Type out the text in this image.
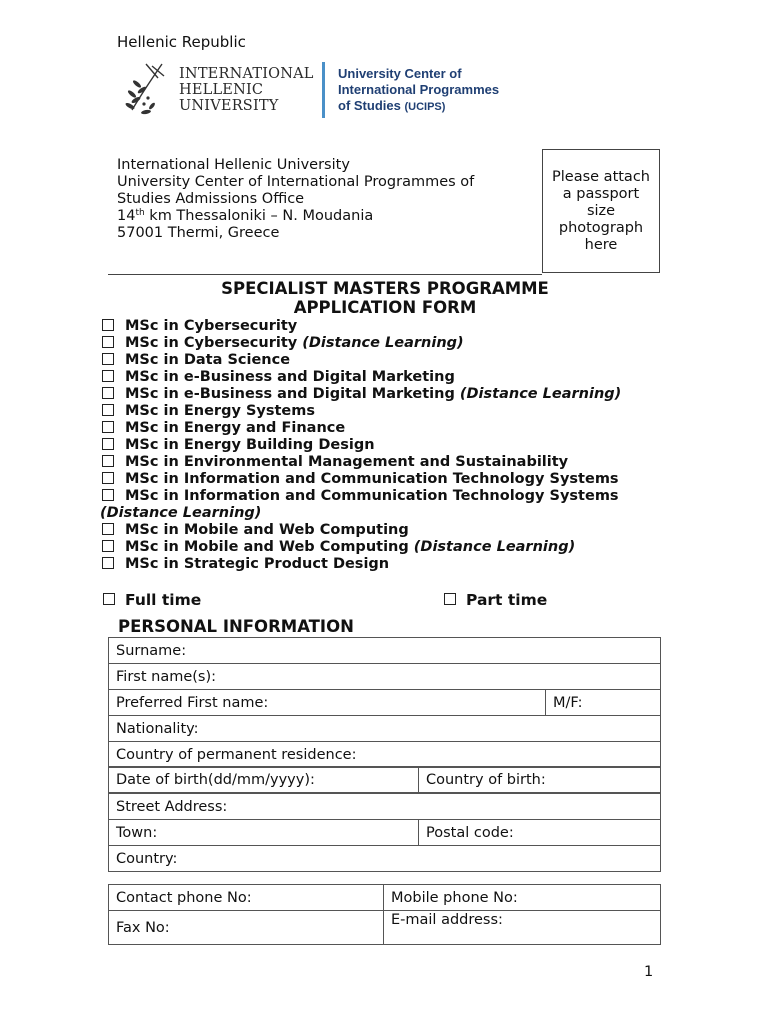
Hellenic Republic
INTERNATIONAL
HELLENIC
UNIVERSITY
University Center of
International Programmes
of Studies (UCIPS)
International Hellenic University
University Center of International Programmes of
Studies Admissions Office
14th km Thessaloniki – N. Moudania
57001 Thermi, Greece
Please attach a passport size photograph here
SPECIALIST MASTERS PROGRAMME
APPLICATION FORM
MSc in Cybersecurity
MSc in Cybersecurity (Distance Learning)
MSc in Data Science
MSc in e-Business and Digital Marketing
MSc in e-Business and Digital Marketing (Distance Learning)
MSc in Energy Systems
MSc in Energy and Finance
MSc in Energy Building Design
MSc in Environmental Management and Sustainability
MSc in Information and Communication Technology Systems
MSc in Information and Communication Technology Systems (Distance Learning)
MSc in Mobile and Web Computing
MSc in Mobile and Web Computing (Distance Learning)
MSc in Strategic Product Design
Full time	Part time
PERSONAL INFORMATION
Surname:
First name(s):
Preferred First name:	M/F:
Nationality:
Country of permanent residence:
Date of birth(dd/mm/yyyy):	Country of birth:
Street Address:
Town:	Postal code:
Country:
Contact phone No:	Mobile phone No:
Fax No:	E-mail address:
1
